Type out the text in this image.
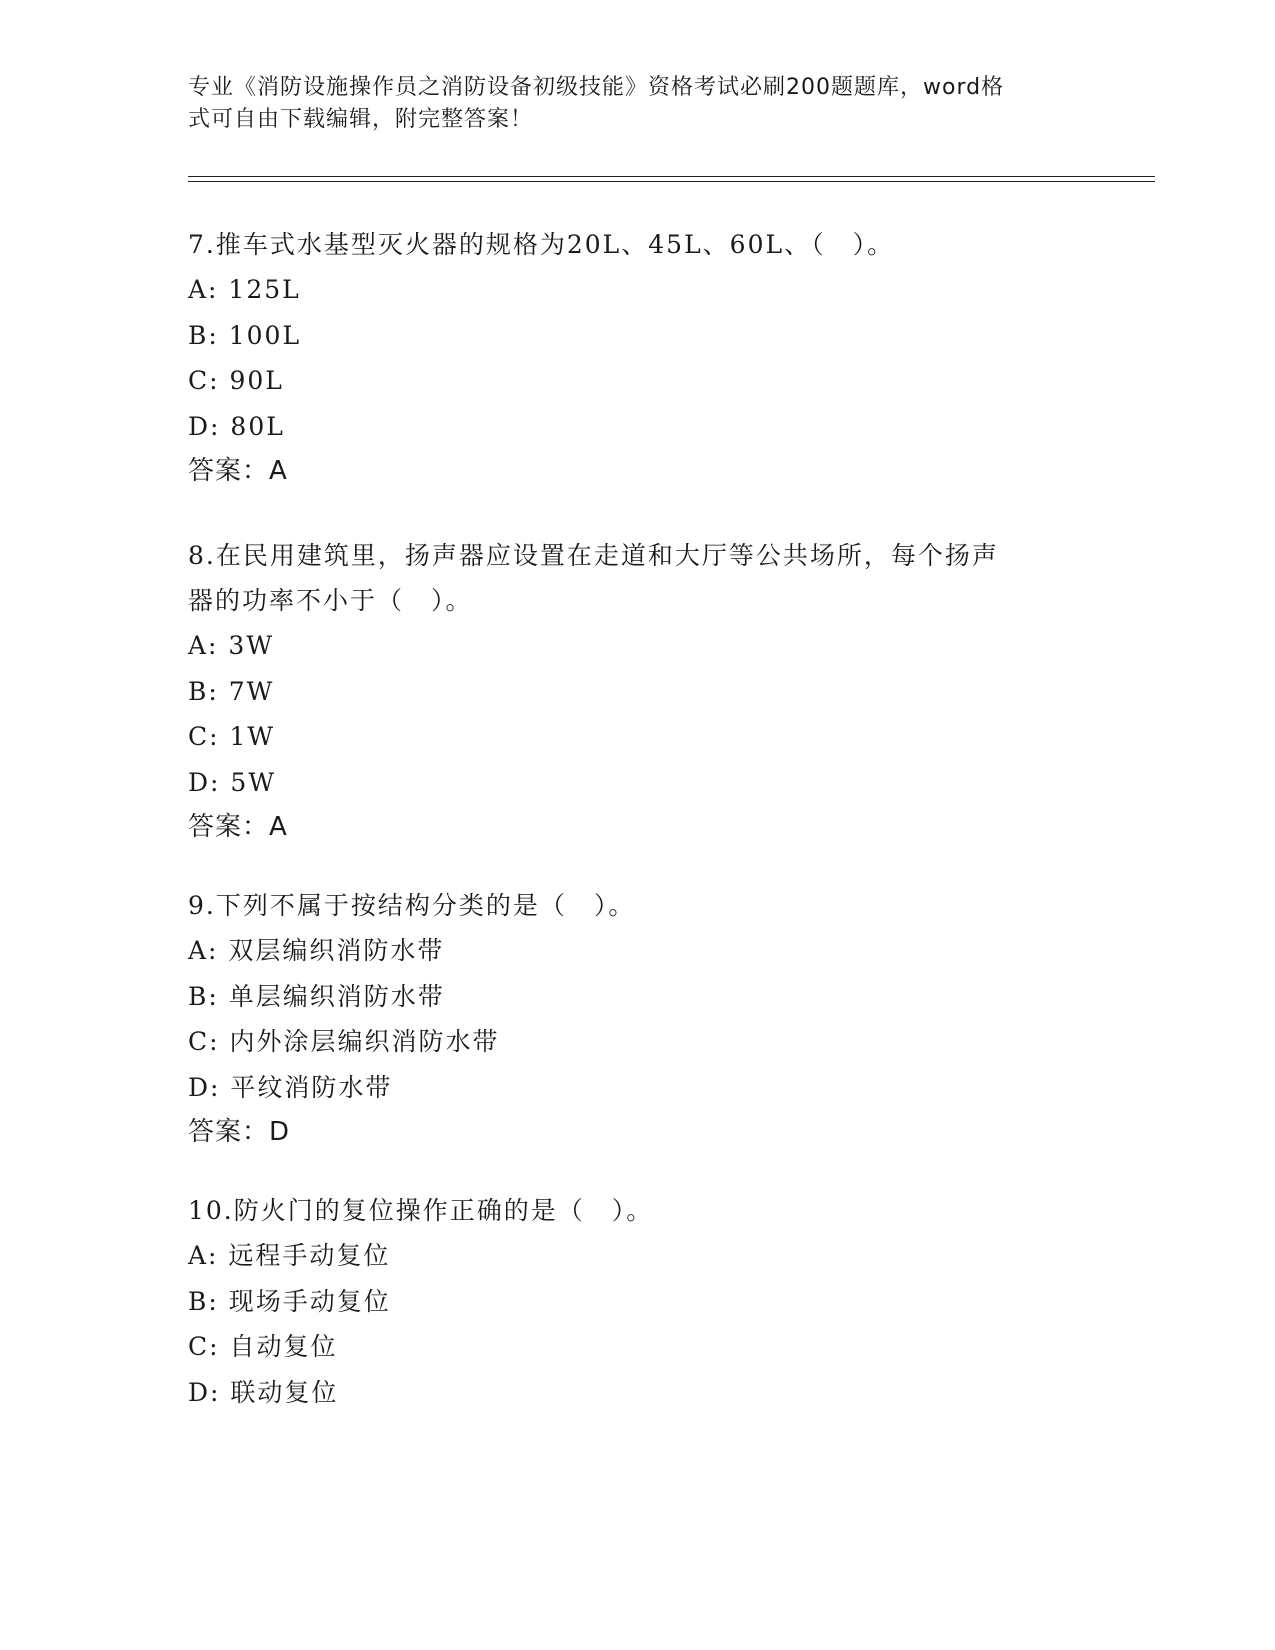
专业《消防设施操作员之消防设备初级技能》资格考试必刷200题题库，word格

式可自由下载编辑，附完整答案！

7.推车式水基型灭火器的规格为20L、45L、60L、（　）。

A: 125L

B: 100L

C: 90L

D: 80L

答案：A

8.在民用建筑里，扬声器应设置在走道和大厅等公共场所，每个扬声

器的功率不小于（　）。

A: 3W

B: 7W

C: 1W

D: 5W

答案：A

9.下列不属于按结构分类的是（　）。

A: 双层编织消防水带

B: 单层编织消防水带

C: 内外涂层编织消防水带

D: 平纹消防水带

答案：D

10.防火门的复位操作正确的是（　）。

A: 远程手动复位

B: 现场手动复位

C: 自动复位

D: 联动复位
